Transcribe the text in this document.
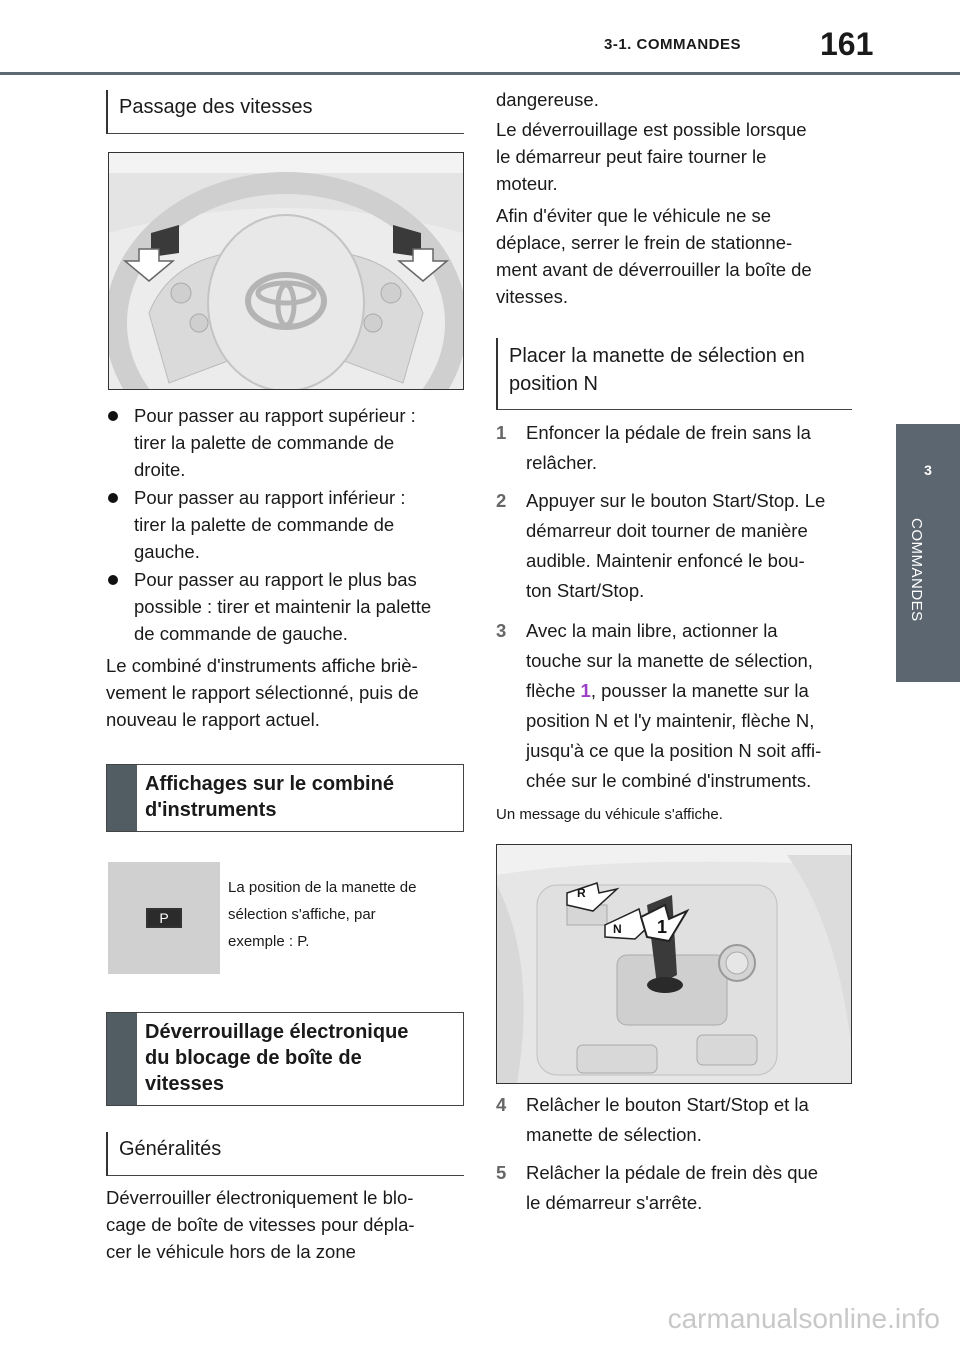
3-1. COMMANDES 161
3
COMMANDES
Passage des vitesses
Pour passer au rapport supérieur :
tirer la palette de commande de
droite.
Pour passer au rapport inférieur :
tirer la palette de commande de
gauche.
Pour passer au rapport le plus bas
possible : tirer et maintenir la palette
de commande de gauche.
Le combiné d'instruments affiche briè-
vement le rapport sélectionné, puis de
nouveau le rapport actuel.
Affichages sur le combiné
d'instruments
P
La position de la manette de
sélection s'affiche, par
exemple : P.
Déverrouillage électronique
du blocage de boîte de
vitesses
Généralités
Déverrouiller électroniquement le blo-
cage de boîte de vitesses pour dépla-
cer le véhicule hors de la zone
dangereuse.
Le déverrouillage est possible lorsque
le démarreur peut faire tourner le
moteur.
Afin d'éviter que le véhicule ne se
déplace, serrer le frein de stationne-
ment avant de déverrouiller la boîte de
vitesses.
Placer la manette de sélection en
position N
1 Enfoncer la pédale de frein sans la
relâcher.
2 Appuyer sur le bouton Start/Stop. Le
démarreur doit tourner de manière
audible. Maintenir enfoncé le bou-
ton Start/Stop.
3 Avec la main libre, actionner la
touche sur la manette de sélection,
flèche 1, pousser la manette sur la
position N et l'y maintenir, flèche N,
jusqu'à ce que la position N soit affi-
chée sur le combiné d'instruments.
Un message du véhicule s'affiche.
R
N 1
4 Relâcher le bouton Start/Stop et la
manette de sélection.
5 Relâcher la pédale de frein dès que
le démarreur s'arrête.
carmanualsonline.info
